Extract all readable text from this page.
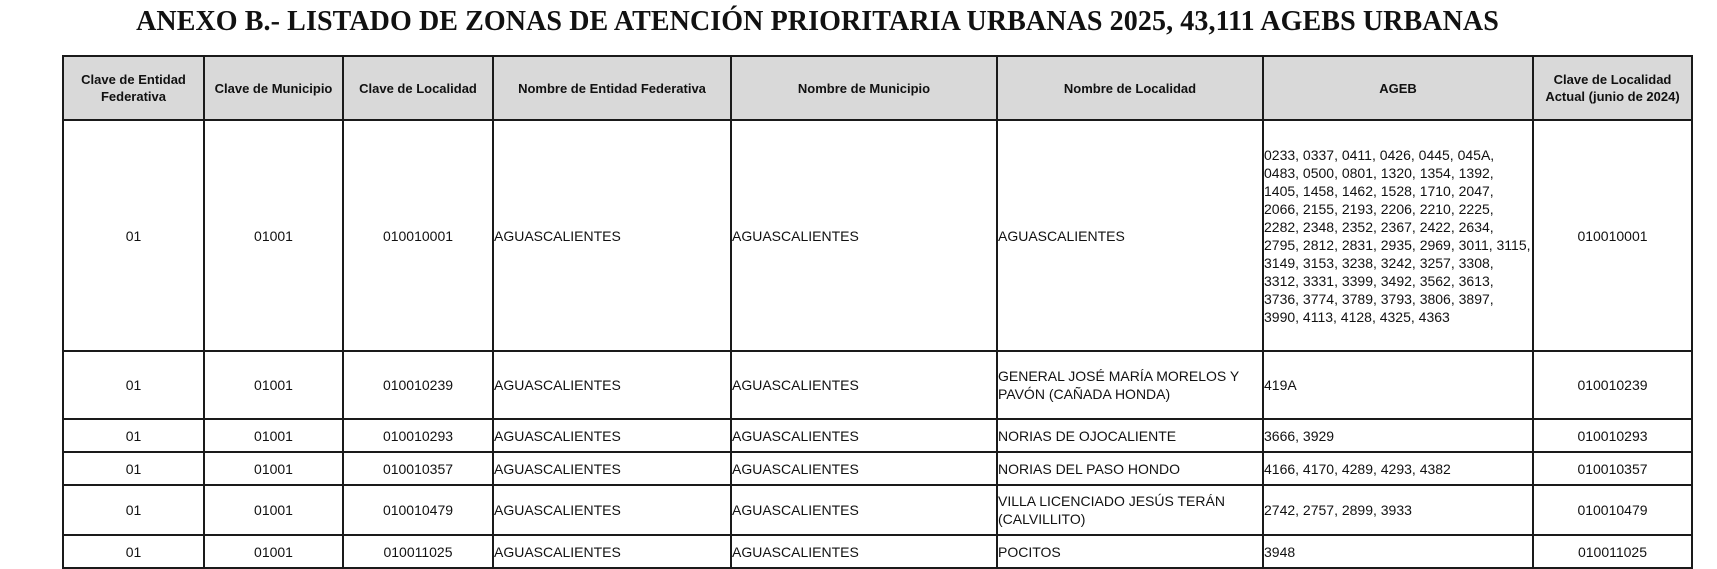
ANEXO B.- LISTADO DE ZONAS DE ATENCIÓN PRIORITARIA URBANAS 2025, 43,111 AGEBS URBANAS
Clave de Entidad Federativa	Clave de Municipio	Clave de Localidad	Nombre de Entidad Federativa	Nombre de Municipio	Nombre de Localidad	AGEB	Clave de Localidad Actual (junio de 2024)
01	01001	010010001	AGUASCALIENTES	AGUASCALIENTES	AGUASCALIENTES	0233, 0337, 0411, 0426, 0445, 045A, 0483, 0500, 0801, 1320, 1354, 1392, 1405, 1458, 1462, 1528, 1710, 2047, 2066, 2155, 2193, 2206, 2210, 2225, 2282, 2348, 2352, 2367, 2422, 2634, 2795, 2812, 2831, 2935, 2969, 3011, 3115, 3149, 3153, 3238, 3242, 3257, 3308, 3312, 3331, 3399, 3492, 3562, 3613, 3736, 3774, 3789, 3793, 3806, 3897, 3990, 4113, 4128, 4325, 4363	010010001
01	01001	010010239	AGUASCALIENTES	AGUASCALIENTES	GENERAL JOSÉ MARÍA MORELOS Y PAVÓN (CAÑADA HONDA)	419A	010010239
01	01001	010010293	AGUASCALIENTES	AGUASCALIENTES	NORIAS DE OJOCALIENTE	3666, 3929	010010293
01	01001	010010357	AGUASCALIENTES	AGUASCALIENTES	NORIAS DEL PASO HONDO	4166, 4170, 4289, 4293, 4382	010010357
01	01001	010010479	AGUASCALIENTES	AGUASCALIENTES	VILLA LICENCIADO JESÚS TERÁN (CALVILLITO)	2742, 2757, 2899, 3933	010010479
01	01001	010011025	AGUASCALIENTES	AGUASCALIENTES	POCITOS	3948	010011025
